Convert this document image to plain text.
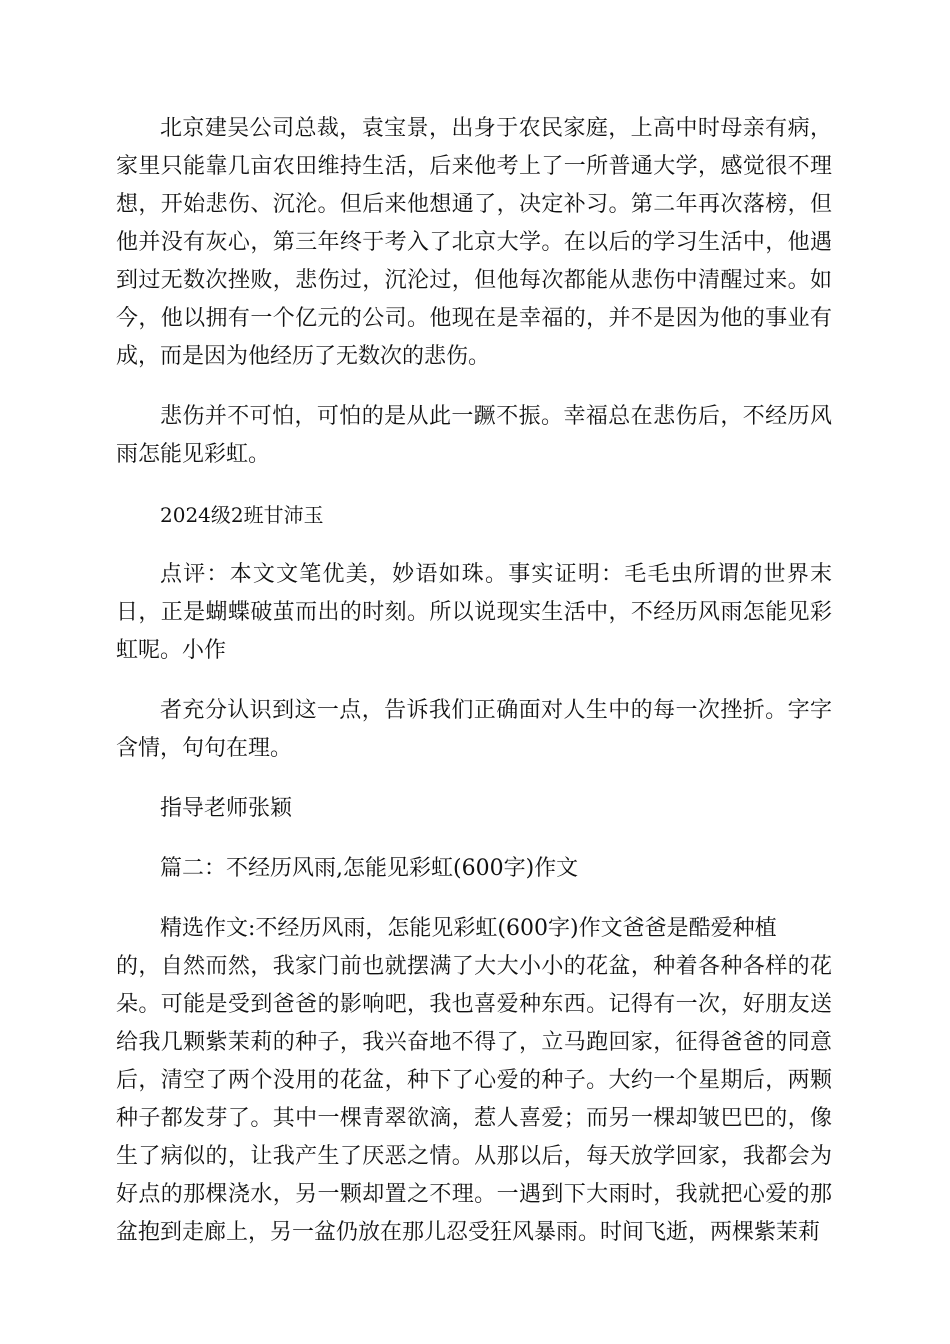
北京建吴公司总裁，袁宝景，出身于农民家庭，上高中时母亲有病，家里只能靠几亩农田维持生活，后来他考上了一所普通大学，感觉很不理想，开始悲伤、沉沦。但后来他想通了，决定补习。第二年再次落榜，但他并没有灰心，第三年终于考入了北京大学。在以后的学习生活中，他遇到过无数次挫败，悲伤过，沉沦过，但他每次都能从悲伤中清醒过来。如今，他以拥有一个亿元的公司。他现在是幸福的，并不是因为他的事业有成，而是因为他经历了无数次的悲伤。

悲伤并不可怕，可怕的是从此一蹶不振。幸福总在悲伤后，不经历风雨怎能见彩虹。

2024级2班甘沛玉

点评：本文文笔优美，妙语如珠。事实证明：毛毛虫所谓的世界末日，正是蝴蝶破茧而出的时刻。所以说现实生活中，不经历风雨怎能见彩虹呢。小作

者充分认识到这一点，告诉我们正确面对人生中的每一次挫折。字字含情，句句在理。

指导老师张颖

篇二：不经历风雨,怎能见彩虹(600字)作文

精选作文:不经历风雨，怎能见彩虹(600字)作文爸爸是酷爱种植

的，自然而然，我家门前也就摆满了大大小小的花盆，种着各种各样的花朵。可能是受到爸爸的影响吧，我也喜爱种东西。记得有一次，好朋友送给我几颗紫茉莉的种子，我兴奋地不得了，立马跑回家，征得爸爸的同意后，清空了两个没用的花盆，种下了心爱的种子。大约一个星期后，两颗种子都发芽了。其中一棵青翠欲滴，惹人喜爱；而另一棵却皱巴巴的，像生了病似的，让我产生了厌恶之情。从那以后，每天放学回家，我都会为好点的那棵浇水，另一颗却置之不理。一遇到下大雨时，我就把心爱的那盆抱到走廊上，另一盆仍放在那儿忍受狂风暴雨。时间飞逝，两棵紫茉莉
